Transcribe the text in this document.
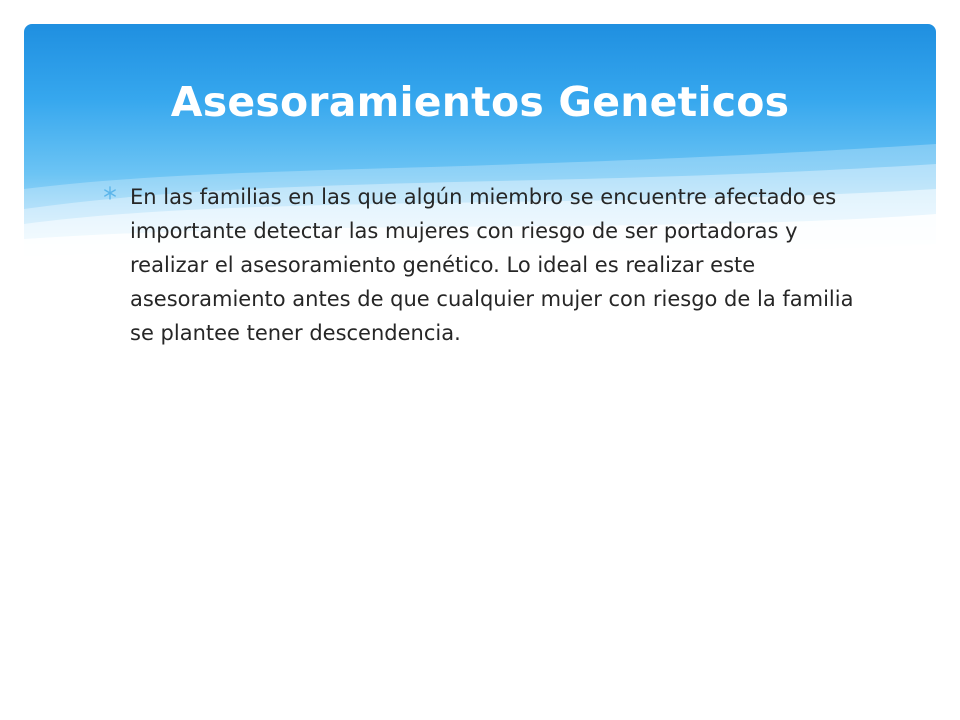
Asesoramientos Geneticos

En las familias en las que algún miembro se encuentre afectado es importante detectar las mujeres con riesgo de ser portadoras y realizar el asesoramiento genético. Lo ideal es realizar este asesoramiento antes de que cualquier mujer con riesgo de la familia se plantee tener descendencia.
